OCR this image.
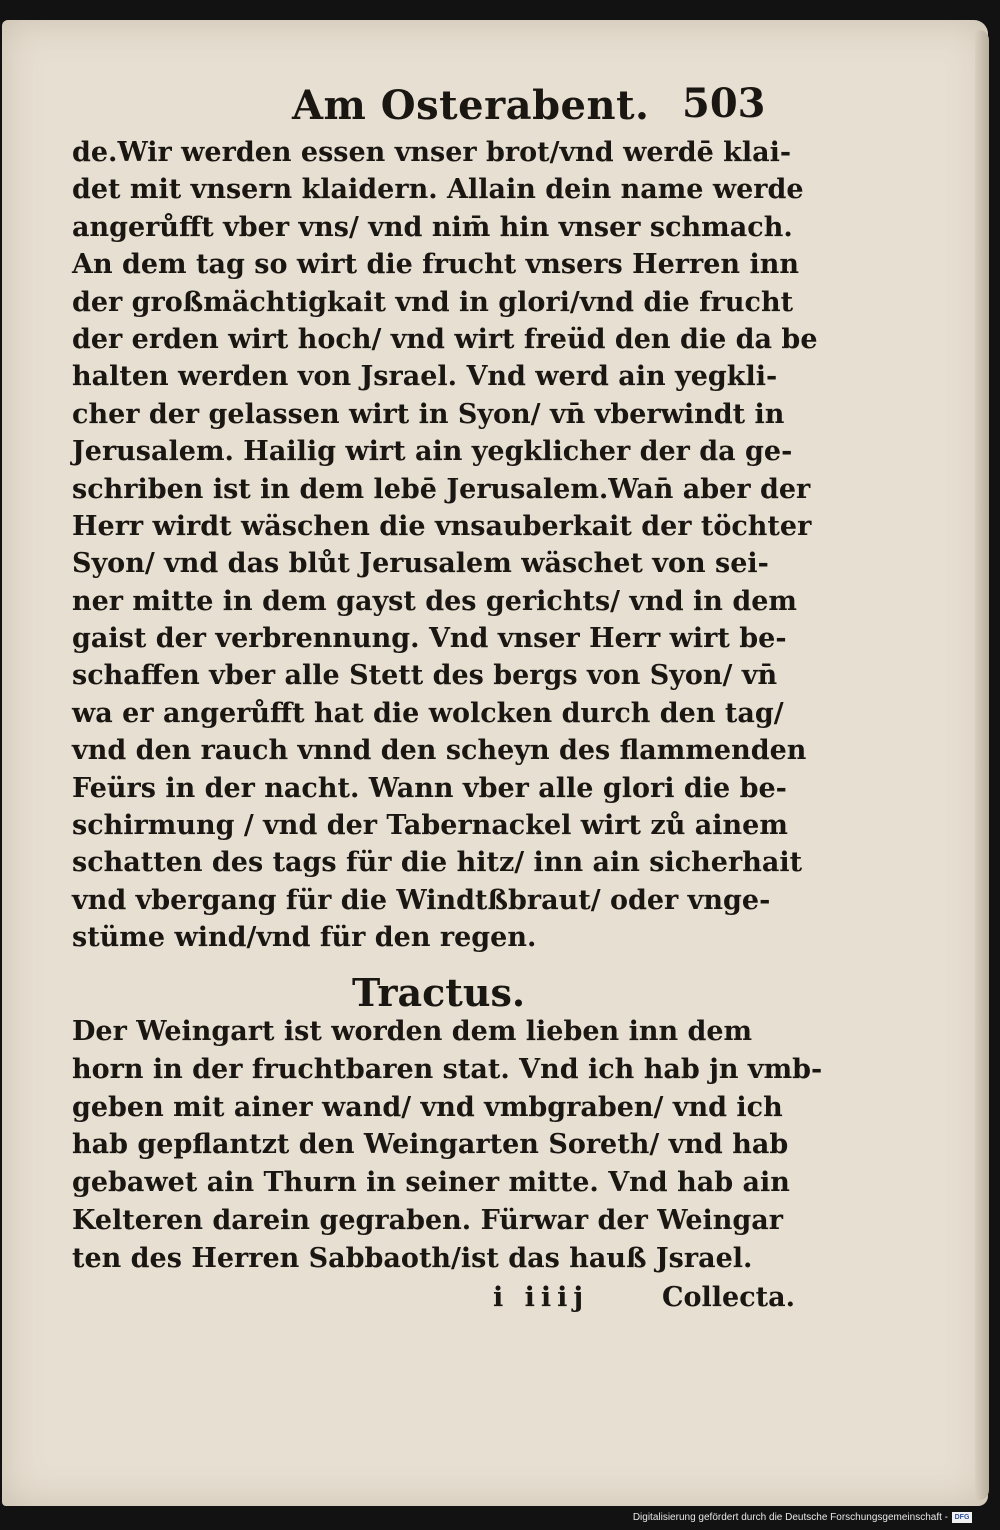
Am Osterabent. 503
de.Wir werden essen vnser brot/vnd werdē klai-
det mit vnsern klaidern. Allain dein name werde
angerůfft vber vns/ vnd nim̄ hin vnser schmach.
An dem tag so wirt die frucht vnsers Herren inn
der großmächtigkait vnd in glori/vnd die frucht
der erden wirt hoch/ vnd wirt freüd den die da be
halten werden von Jsrael. Vnd werd ain yegkli-
cher der gelassen wirt in Syon/ vn̄ vberwindt in
Jerusalem. Hailig wirt ain yegklicher der da ge-
schriben ist in dem lebē Jerusalem.Wan̄ aber der
Herr wirdt wäschen die vnsauberkait der töchter
Syon/ vnd das blůt Jerusalem wäschet von sei-
ner mitte in dem gayst des gerichts/ vnd in dem
gaist der verbrennung. Vnd vnser Herr wirt be-
schaffen vber alle Stett des bergs von Syon/ vn̄
wa er angerůfft hat die wolcken durch den tag/
vnd den rauch vnnd den scheyn des flammenden
Feürs in der nacht. Wann vber alle glori die be-
schirmung / vnd der Tabernackel wirt zů ainem
schatten des tags für die hitz/ inn ain sicherhait
vnd vbergang für die Windtßbraut/ oder vnge-
stüme wind/vnd für den regen.
Tractus.
Der Weingart ist worden dem lieben inn dem
horn in der fruchtbaren stat. Vnd ich hab jn vmb-
geben mit ainer wand/ vnd vmbgraben/ vnd ich
hab gepflantzt den Weingarten Soreth/ vnd hab
gebawet ain Thurn in seiner mitte. Vnd hab ain
Kelteren darein gegraben. Fürwar der Weingar
ten des Herren Sabbaoth/ist das hauß Jsrael.
i iiij	Collecta.
Digitalisierung gefördert durch die Deutsche Forschungsgemeinschaft - DFG
